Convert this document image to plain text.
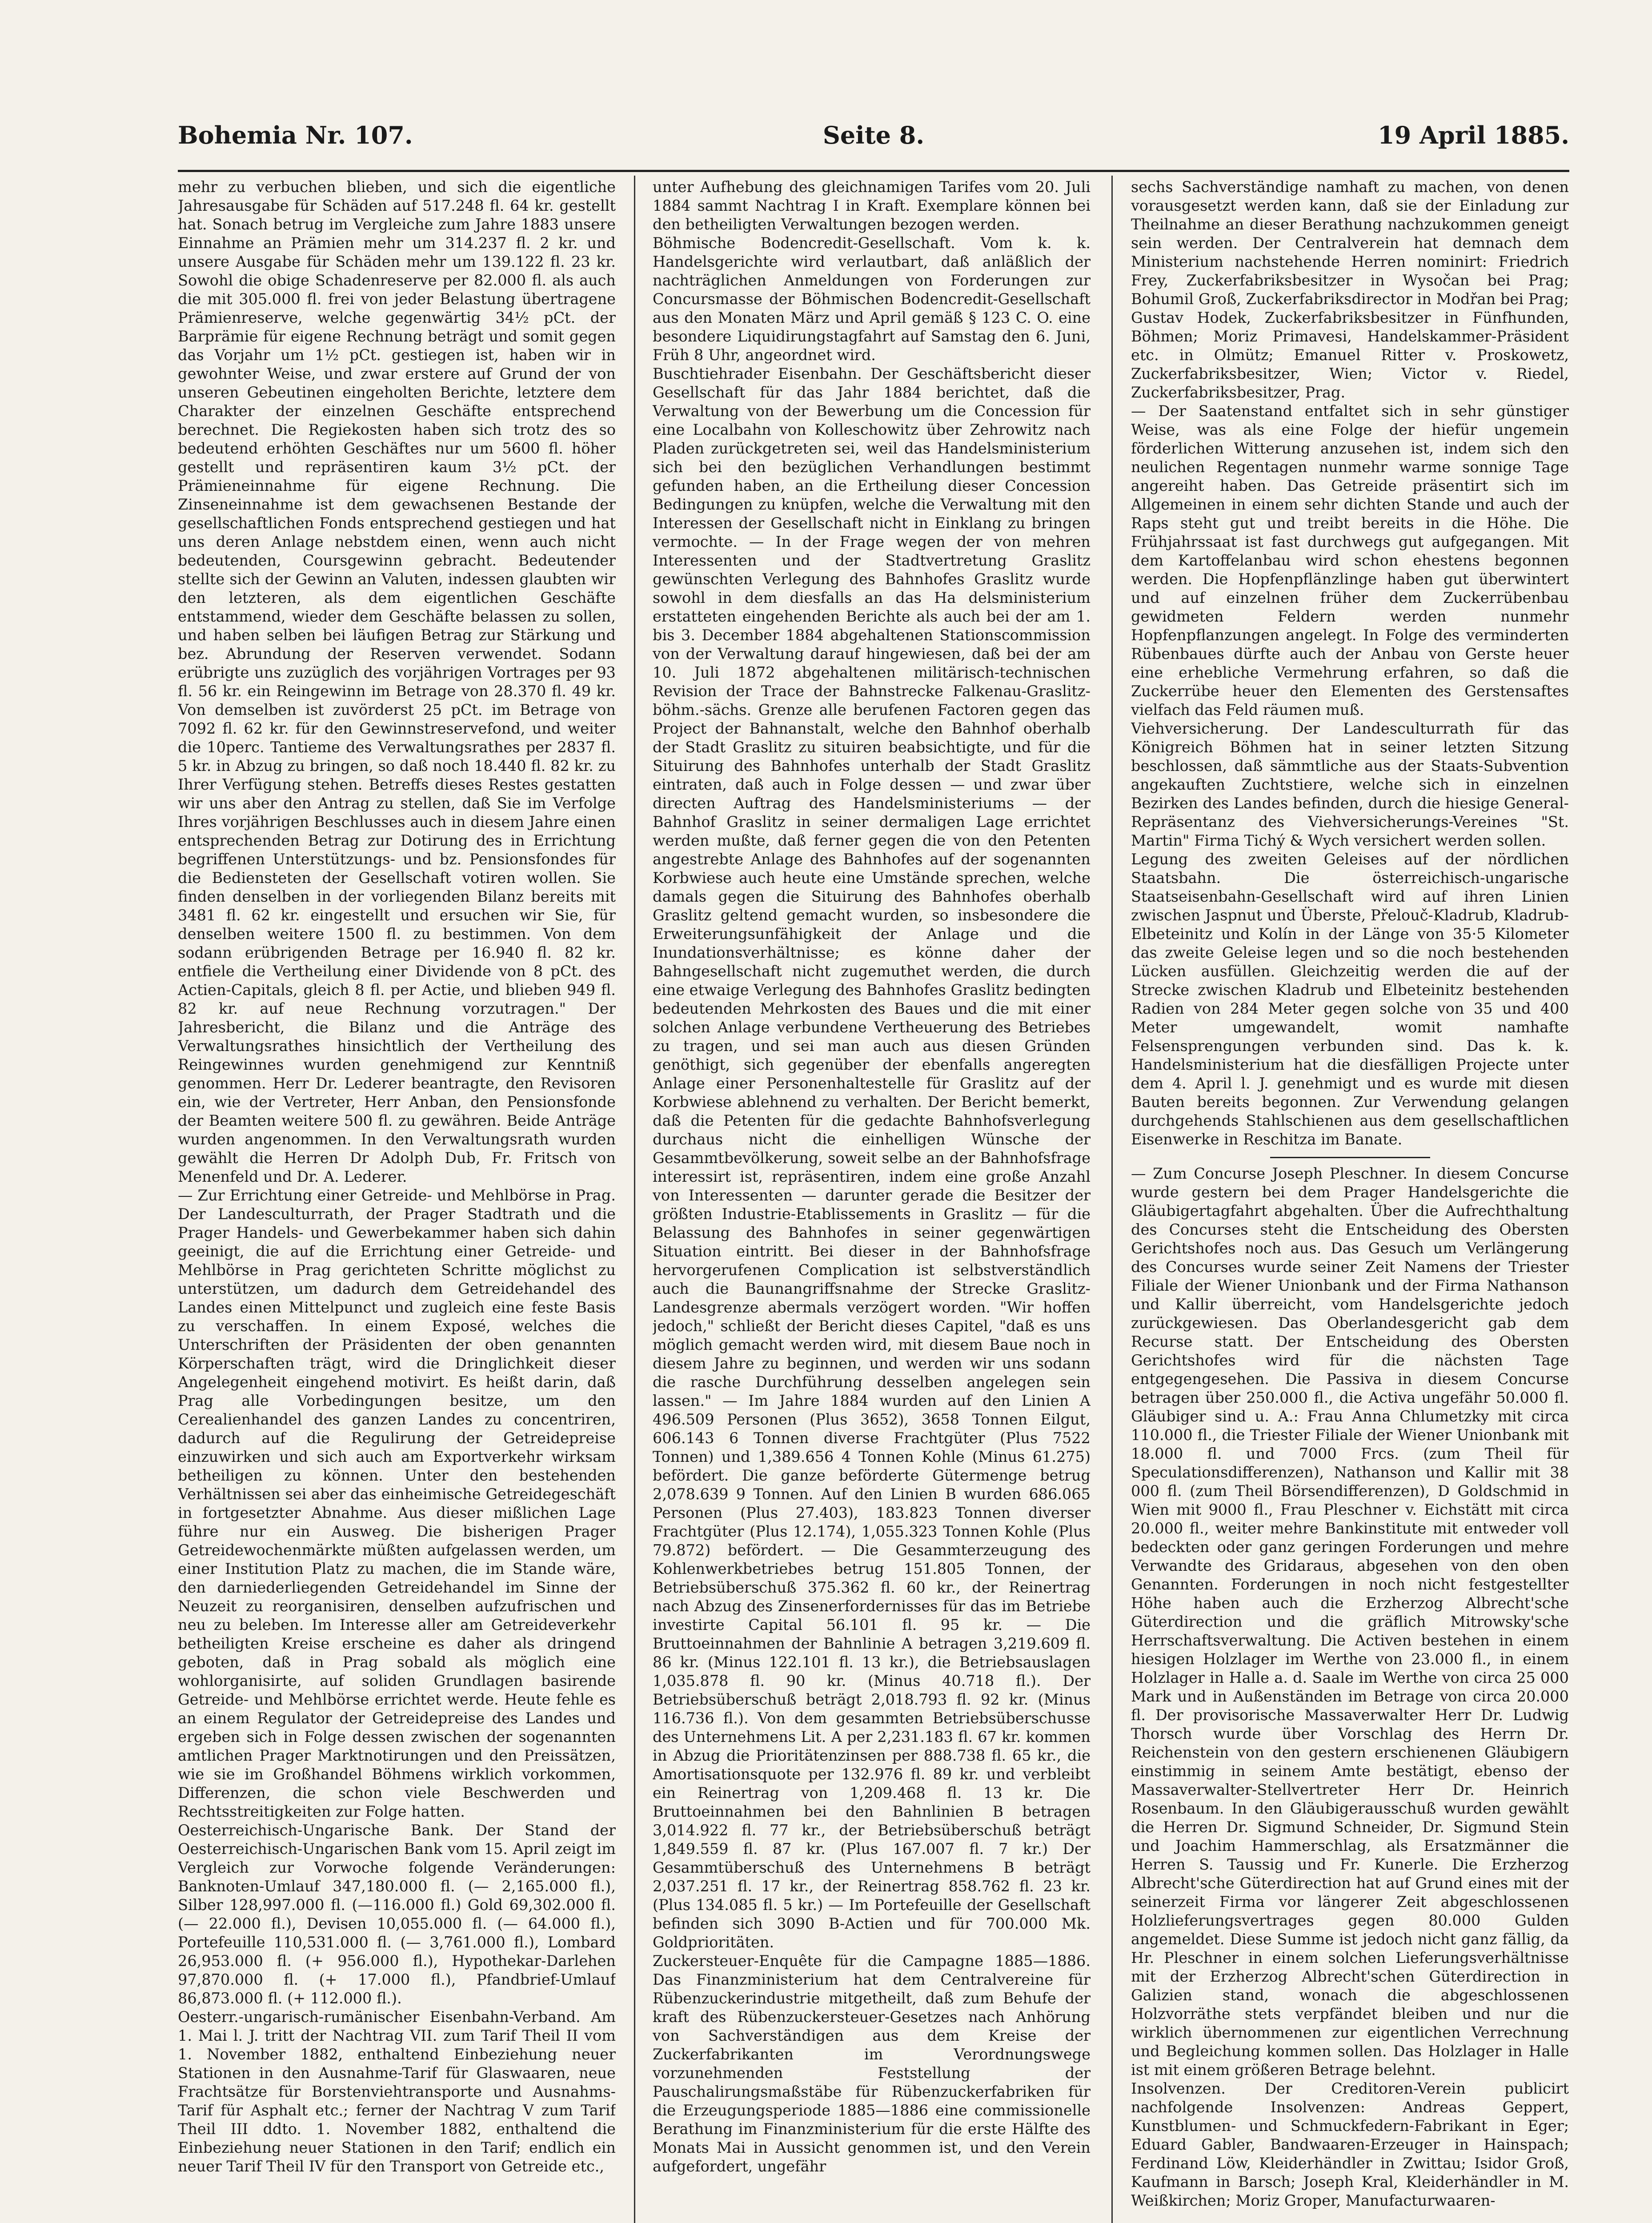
Bohemia Nr. 107.	Seite 8.	19 April 1885.

mehr zu verbuchen blieben, und sich die eigentliche Jahresausgabe für Schäden auf 517.248 fl. 64 kr. gestellt hat. Sonach betrug im Vergleiche zum Jahre 1883 unsere Einnahme an Prämien mehr um 314.237 fl. 2 kr. und unsere Ausgabe für Schäden mehr um 139.122 fl. 23 kr. Sowohl die obige Schadenreserve per 82.000 fl. als auch die mit 305.000 fl. frei von jeder Belastung übertragene Prämienreserve, welche gegenwärtig 34½ pCt. der Barprämie für eigene Rechnung beträgt und somit gegen das Vorjahr um 1½ pCt. gestiegen ist, haben wir in gewohnter Weise, und zwar erstere auf Grund der von unseren Gebeutinen eingeholten Berichte, letztere dem Charakter der einzelnen Geschäfte entsprechend berechnet. Die Regiekosten haben sich trotz des so bedeutend erhöhten Geschäftes nur um 5600 fl. höher gestellt und repräsentiren kaum 3½ pCt. der Prämieneinnahme für eigene Rechnung. Die Zinseneinnahme ist dem gewachsenen Bestande der gesellschaftlichen Fonds entsprechend gestiegen und hat uns deren Anlage nebstdem einen, wenn auch nicht bedeutenden, Coursgewinn gebracht. Bedeutender stellte sich der Gewinn an Valuten, indessen glaubten wir den letzteren, als dem eigentlichen Geschäfte entstammend, wieder dem Geschäfte belassen zu sollen, und haben selben bei läufigen Betrag zur Stärkung und bez. Abrundung der Reserven verwendet. Sodann erübrigte uns zuzüglich des vorjährigen Vortrages per 93 fl. 56 kr. ein Reingewinn im Betrage von 28.370 fl. 49 kr. Von demselben ist zuvörderst 25 pCt. im Betrage von 7092 fl. 62 kr. für den Gewinnstreservefond, und weiter die 10perc. Tantieme des Verwaltungsrathes per 2837 fl. 5 kr. in Abzug zu bringen, so daß noch 18.440 fl. 82 kr. zu Ihrer Verfügung stehen. Betreffs dieses Restes gestatten wir uns aber den Antrag zu stellen, daß Sie im Verfolge Ihres vorjährigen Beschlusses auch in diesem Jahre einen entsprechenden Betrag zur Dotirung des in Errichtung begriffenen Unterstützungs- und bz. Pensionsfondes für die Bediensteten der Gesellschaft votiren wollen. Sie finden denselben in der vorliegenden Bilanz bereits mit 3481 fl. 62 kr. eingestellt und ersuchen wir Sie, für denselben weitere 1500 fl. zu bestimmen. Von dem sodann erübrigenden Betrage per 16.940 fl. 82 kr. entfiele die Vertheilung einer Dividende von 8 pCt. des Actien-Capitals, gleich 8 fl. per Actie, und blieben 949 fl. 82 kr. auf neue Rechnung vorzutragen." Der Jahresbericht, die Bilanz und die Anträge des Verwaltungsrathes hinsichtlich der Vertheilung des Reingewinnes wurden genehmigend zur Kenntniß genommen. Herr Dr. Lederer beantragte, den Revisoren ein, wie der Vertreter, Herr Anban, den Pensionsfonde der Beamten weitere 500 fl. zu gewähren. Beide Anträge wurden angenommen. In den Verwaltungsrath wurden gewählt die Herren Dr Adolph Dub, Fr. Fritsch von Menenfeld und Dr. A. Lederer.

— Zur Errichtung einer Getreide- und Mehlbörse in Prag. Der Landesculturrath, der Prager Stadtrath und die Prager Handels- und Gewerbekammer haben sich dahin geeinigt, die auf die Errichtung einer Getreide- und Mehlbörse in Prag gerichteten Schritte möglichst zu unterstützen, um dadurch dem Getreidehandel des Landes einen Mittelpunct und zugleich eine feste Basis zu verschaffen. In einem Exposé, welches die Unterschriften der Präsidenten der oben genannten Körperschaften trägt, wird die Dringlichkeit dieser Angelegenheit eingehend motivirt. Es heißt darin, daß Prag alle Vorbedingungen besitze, um den Cerealienhandel des ganzen Landes zu concentriren, dadurch auf die Regulirung der Getreidepreise einzuwirken und sich auch am Exportverkehr wirksam betheiligen zu können. Unter den bestehenden Verhältnissen sei aber das einheimische Getreidegeschäft in fortgesetzter Abnahme. Aus dieser mißlichen Lage führe nur ein Ausweg. Die bisherigen Prager Getreidewochenmärkte müßten aufgelassen werden, um einer Institution Platz zu machen, die im Stande wäre, den darniederliegenden Getreidehandel im Sinne der Neuzeit zu reorganisiren, denselben aufzufrischen und neu zu beleben. Im Interesse aller am Getreideverkehr betheiligten Kreise erscheine es daher als dringend geboten, daß in Prag sobald als möglich eine wohlorganisirte, auf soliden Grundlagen basirende Getreide- und Mehlbörse errichtet werde. Heute fehle es an einem Regulator der Getreidepreise des Landes und ergeben sich in Folge dessen zwischen der sogenannten amtlichen Prager Marktnotirungen und den Preissätzen, wie sie im Großhandel Böhmens wirklich vorkommen, Differenzen, die schon viele Beschwerden und Rechtsstreitigkeiten zur Folge hatten.

Oesterreichisch-Ungarische Bank. Der Stand der Oesterreichisch-Ungarischen Bank vom 15. April zeigt im Vergleich zur Vorwoche folgende Veränderungen: Banknoten-Umlauf 347,180.000 fl. (— 2,165.000 fl.), Silber 128,997.000 fl. (—116.000 fl.) Gold 69,302.000 fl. (— 22.000 fl.), Devisen 10,055.000 fl. (— 64.000 fl.), Portefeuille 110,531.000 fl. (— 3,761.000 fl.), Lombard 26,953.000 fl. (+ 956.000 fl.), Hypothekar-Darlehen 97,870.000 fl. (+ 17.000 fl.), Pfandbrief-Umlauf 86,873.000 fl. (+ 112.000 fl.).

Oesterr.-ungarisch-rumänischer Eisenbahn-Verband. Am 1. Mai l. J. tritt der Nachtrag VII. zum Tarif Theil II vom 1. November 1882, enthaltend Einbeziehung neuer Stationen in den Ausnahme-Tarif für Glaswaaren, neue Frachtsätze für Borstenviehtransporte und Ausnahms-Tarif für Asphalt etc.; ferner der Nachtrag V zum Tarif Theil III ddto. 1. November 1882, enthaltend die Einbeziehung neuer Stationen in den Tarif; endlich ein neuer Tarif Theil IV für den Transport von Getreide etc.,

unter Aufhebung des gleichnamigen Tarifes vom 20. Juli 1884 sammt Nachtrag I in Kraft. Exemplare können bei den betheiligten Verwaltungen bezogen werden.

Böhmische Bodencredit-Gesellschaft. Vom k. k. Handelsgerichte wird verlautbart, daß anläßlich der nachträglichen Anmeldungen von Forderungen zur Concursmasse der Böhmischen Bodencredit-Gesellschaft aus den Monaten März und April gemäß § 123 C. O. eine besondere Liquidirungstagfahrt auf Samstag den 6. Juni, Früh 8 Uhr, angeordnet wird.

Buschtiehrader Eisenbahn. Der Geschäftsbericht dieser Gesellschaft für das Jahr 1884 berichtet, daß die Verwaltung von der Bewerbung um die Concession für eine Localbahn von Kolleschowitz über Zehrowitz nach Pladen zurückgetreten sei, weil das Handelsministerium sich bei den bezüglichen Verhandlungen bestimmt gefunden haben, an die Ertheilung dieser Concession Bedingungen zu knüpfen, welche die Verwaltung mit den Interessen der Gesellschaft nicht in Einklang zu bringen vermochte. — In der Frage wegen der von mehren Interessenten und der Stadtvertretung Graslitz gewünschten Verlegung des Bahnhofes Graslitz wurde sowohl in dem diesfalls an das Ha delsministerium erstatteten eingehenden Berichte als auch bei der am 1. bis 3. December 1884 abgehaltenen Stationscommission von der Verwaltung darauf hingewiesen, daß bei der am 10. Juli 1872 abgehaltenen militärisch-technischen Revision der Trace der Bahnstrecke Falkenau-Graslitz-böhm.-sächs. Grenze alle berufenen Factoren gegen das Project der Bahnanstalt, welche den Bahnhof oberhalb der Stadt Graslitz zu situiren beabsichtigte, und für die Situirung des Bahnhofes unterhalb der Stadt Graslitz eintraten, daß auch in Folge dessen — und zwar über directen Auftrag des Handelsministeriums — der Bahnhof Graslitz in seiner dermaligen Lage errichtet werden mußte, daß ferner gegen die von den Petenten angestrebte Anlage des Bahnhofes auf der sogenannten Korbwiese auch heute eine Umstände sprechen, welche damals gegen die Situirung des Bahnhofes oberhalb Graslitz geltend gemacht wurden, so insbesondere die Erweiterungsunfähigkeit der Anlage und die Inundationsverhältnisse; es könne daher der Bahngesellschaft nicht zugemuthet werden, die durch eine etwaige Verlegung des Bahnhofes Graslitz bedingten bedeutenden Mehrkosten des Baues und die mit einer solchen Anlage verbundene Vertheuerung des Betriebes zu tragen, und sei man auch aus diesen Gründen genöthigt, sich gegenüber der ebenfalls angeregten Anlage einer Personenhaltestelle für Graslitz auf der Korbwiese ablehnend zu verhalten. Der Bericht bemerkt, daß die Petenten für die gedachte Bahnhofsverlegung durchaus nicht die einhelligen Wünsche der Gesammtbevölkerung, soweit selbe an der Bahnhofsfrage interessirt ist, repräsentiren, indem eine große Anzahl von Interessenten — darunter gerade die Besitzer der größten Industrie-Etablissements in Graslitz — für die Belassung des Bahnhofes in seiner gegenwärtigen Situation eintritt. Bei dieser in der Bahnhofsfrage hervorgerufenen Complication ist selbstverständlich auch die Baunangriffsnahme der Strecke Graslitz-Landesgrenze abermals verzögert worden. "Wir hoffen jedoch," schließt der Bericht dieses Capitel, "daß es uns möglich gemacht werden wird, mit diesem Baue noch in diesem Jahre zu beginnen, und werden wir uns sodann die rasche Durchführung desselben angelegen sein lassen." — Im Jahre 1884 wurden auf den Linien A 496.509 Personen (Plus 3652), 3658 Tonnen Eilgut, 606.143 6 Tonnen diverse Frachtgüter (Plus 7522 Tonnen) und 1,389.656 4 Tonnen Kohle (Minus 61.275) befördert. Die ganze beförderte Gütermenge betrug 2,078.639 9 Tonnen. Auf den Linien B wurden 686.065 Personen (Plus 27.403), 183.823 Tonnen diverser Frachtgüter (Plus 12.174), 1,055.323 Tonnen Kohle (Plus 79.872) befördert. — Die Gesammterzeugung des Kohlenwerkbetriebes betrug 151.805 Tonnen, der Betriebsüberschuß 375.362 fl. 60 kr., der Reinertrag nach Abzug des Zinsenerfordernisses für das im Betriebe investirte Capital 56.101 fl. 95 kr. — Die Bruttoeinnahmen der Bahnlinie A betragen 3,219.609 fl. 86 kr. (Minus 122.101 fl. 13 kr.), die Betriebsauslagen 1,035.878 fl. 90 kr. (Minus 40.718 fl.). Der Betriebsüberschuß beträgt 2,018.793 fl. 92 kr. (Minus 116.736 fl.). Von dem gesammten Betriebsüberschusse des Unternehmens Lit. A per 2,231.183 fl. 67 kr. kommen in Abzug die Prioritätenzinsen per 888.738 fl. 65 kr., die Amortisationsquote per 132.976 fl. 89 kr. und verbleibt ein Reinertrag von 1,209.468 fl. 13 kr. Die Bruttoeinnahmen bei den Bahnlinien B betragen 3,014.922 fl. 77 kr., der Betriebsüberschuß beträgt 1,849.559 fl. 87 kr. (Plus 167.007 fl. 7 kr.) Der Gesammtüberschuß des Unternehmens B beträgt 2,037.251 fl. 17 kr., der Reinertrag 858.762 fl. 23 kr. (Plus 134.085 fl. 5 kr.) — Im Portefeuille der Gesellschaft befinden sich 3090 B-Actien und für 700.000 Mk. Goldprioritäten.

Zuckersteuer-Enquête für die Campagne 1885—1886. Das Finanzministerium hat dem Centralvereine für Rübenzuckerindustrie mitgetheilt, daß zum Behufe der kraft des Rübenzuckersteuer-Gesetzes nach Anhörung von Sachverständigen aus dem Kreise der Zuckerfabrikanten im Verordnungswege vorzunehmenden Feststellung der Pauschalirungsmaßstäbe für Rübenzuckerfabriken für die Erzeugungsperiode 1885—1886 eine commissionelle Berathung im Finanzministerium für die erste Hälfte des Monats Mai in Aussicht genommen ist, und den Verein aufgefordert, ungefähr

sechs Sachverständige namhaft zu machen, von denen vorausgesetzt werden kann, daß sie der Einladung zur Theilnahme an dieser Berathung nachzukommen geneigt sein werden. Der Centralverein hat demnach dem Ministerium nachstehende Herren nominirt: Friedrich Frey, Zuckerfabriksbesitzer in Wysočan bei Prag; Bohumil Groß, Zuckerfabriksdirector in Modřan bei Prag; Gustav Hodek, Zuckerfabriksbesitzer in Fünfhunden, Böhmen; Moriz Primavesi, Handelskammer-Präsident etc. in Olmütz; Emanuel Ritter v. Proskowetz, Zuckerfabriksbesitzer, Wien; Victor v. Riedel, Zuckerfabriksbesitzer, Prag.

— Der Saatenstand entfaltet sich in sehr günstiger Weise, was als eine Folge der hiefür ungemein förderlichen Witterung anzusehen ist, indem sich den neulichen Regentagen nunmehr warme sonnige Tage angereiht haben. Das Getreide präsentirt sich im Allgemeinen in einem sehr dichten Stande und auch der Raps steht gut und treibt bereits in die Höhe. Die Frühjahrssaat ist fast durchwegs gut aufgegangen. Mit dem Kartoffelanbau wird schon ehestens begonnen werden. Die Hopfenpflänzlinge haben gut überwintert und auf einzelnen früher dem Zuckerrübenbau gewidmeten Feldern werden nunmehr Hopfenpflanzungen angelegt. In Folge des verminderten Rübenbaues dürfte auch der Anbau von Gerste heuer eine erhebliche Vermehrung erfahren, so daß die Zuckerrübe heuer den Elementen des Gerstensaftes vielfach das Feld räumen muß.

Viehversicherung. Der Landesculturrath für das Königreich Böhmen hat in seiner letzten Sitzung beschlossen, daß sämmtliche aus der Staats-Subvention angekauften Zuchtstiere, welche sich in einzelnen Bezirken des Landes befinden, durch die hiesige General-Repräsentanz des Viehversicherungs-Vereines "St. Martin" Firma Tichý & Wych versichert werden sollen.

Legung des zweiten Geleises auf der nördlichen Staatsbahn. Die österreichisch-ungarische Staatseisenbahn-Gesellschaft wird auf ihren Linien zwischen Jaspnut und Überste, Přelouč-Kladrub, Kladrub-Elbeteinitz und Kolín in der Länge von 35·5 Kilometer das zweite Geleise legen und so die noch bestehenden Lücken ausfüllen. Gleichzeitig werden die auf der Strecke zwischen Kladrub und Elbeteinitz bestehenden Radien von 284 Meter gegen solche von 35 und 400 Meter umgewandelt, womit namhafte Felsensprengungen verbunden sind. Das k. k. Handelsministerium hat die diesfälligen Projecte unter dem 4. April l. J. genehmigt und es wurde mit diesen Bauten bereits begonnen. Zur Verwendung gelangen durchgehends Stahlschienen aus dem gesellschaftlichen Eisenwerke in Reschitza im Banate.

— Zum Concurse Joseph Pleschner. In diesem Concurse wurde gestern bei dem Prager Handelsgerichte die Gläubigertagfahrt abgehalten. Über die Aufrechthaltung des Concurses steht die Entscheidung des Obersten Gerichtshofes noch aus. Das Gesuch um Verlängerung des Concurses wurde seiner Zeit Namens der Triester Filiale der Wiener Unionbank und der Firma Nathanson und Kallir überreicht, vom Handelsgerichte jedoch zurückgewiesen. Das Oberlandesgericht gab dem Recurse statt. Der Entscheidung des Obersten Gerichtshofes wird für die nächsten Tage entgegengesehen. Die Passiva in diesem Concurse betragen über 250.000 fl., die Activa ungefähr 50.000 fl. Gläubiger sind u. A.: Frau Anna Chlumetzky mit circa 110.000 fl., die Triester Filiale der Wiener Unionbank mit 18.000 fl. und 7000 Frcs. (zum Theil für Speculationsdifferenzen), Nathanson und Kallir mit 38 000 fl. (zum Theil Börsendifferenzen), D Goldschmid in Wien mit 9000 fl., Frau Pleschner v. Eichstätt mit circa 20.000 fl., weiter mehre Bankinstitute mit entweder voll bedeckten oder ganz geringen Forderungen und mehre Verwandte des Gridaraus, abgesehen von den oben Genannten. Forderungen in noch nicht festgestellter Höhe haben auch die Erzherzog Albrecht'sche Güterdirection und die gräflich Mitrowsky'sche Herrschaftsverwaltung. Die Activen bestehen in einem hiesigen Holzlager im Werthe von 23.000 fl., in einem Holzlager in Halle a. d. Saale im Werthe von circa 25 000 Mark und in Außenständen im Betrage von circa 20.000 fl. Der provisorische Massaverwalter Herr Dr. Ludwig Thorsch wurde über Vorschlag des Herrn Dr. Reichenstein von den gestern erschienenen Gläubigern einstimmig in seinem Amte bestätigt, ebenso der Massaverwalter-Stellvertreter Herr Dr. Heinrich Rosenbaum. In den Gläubigerausschuß wurden gewählt die Herren Dr. Sigmund Schneider, Dr. Sigmund Stein und Joachim Hammerschlag, als Ersatzmänner die Herren S. Taussig und Fr. Kunerle. Die Erzherzog Albrecht'sche Güterdirection hat auf Grund eines mit der seinerzeit Firma vor längerer Zeit abgeschlossenen Holzlieferungsvertrages gegen 80.000 Gulden angemeldet. Diese Summe ist jedoch nicht ganz fällig, da Hr. Pleschner in einem solchen Lieferungsverhältnisse mit der Erzherzog Albrecht'schen Güterdirection in Galizien stand, wonach die abgeschlossenen Holzvorräthe stets verpfändet bleiben und nur die wirklich übernommenen zur eigentlichen Verrechnung und Begleichung kommen sollen. Das Holzlager in Halle ist mit einem größeren Betrage belehnt.

Insolvenzen. Der Creditoren-Verein publicirt nachfolgende Insolvenzen: Andreas Geppert, Kunstblumen- und Schmuckfedern-Fabrikant in Eger; Eduard Gabler, Bandwaaren-Erzeuger in Hainspach; Ferdinand Löw, Kleiderhändler in Zwittau; Isidor Groß, Kaufmann in Barsch; Joseph Kral, Kleiderhändler in M. Weißkirchen; Moriz Groper, Manufacturwaaren-
